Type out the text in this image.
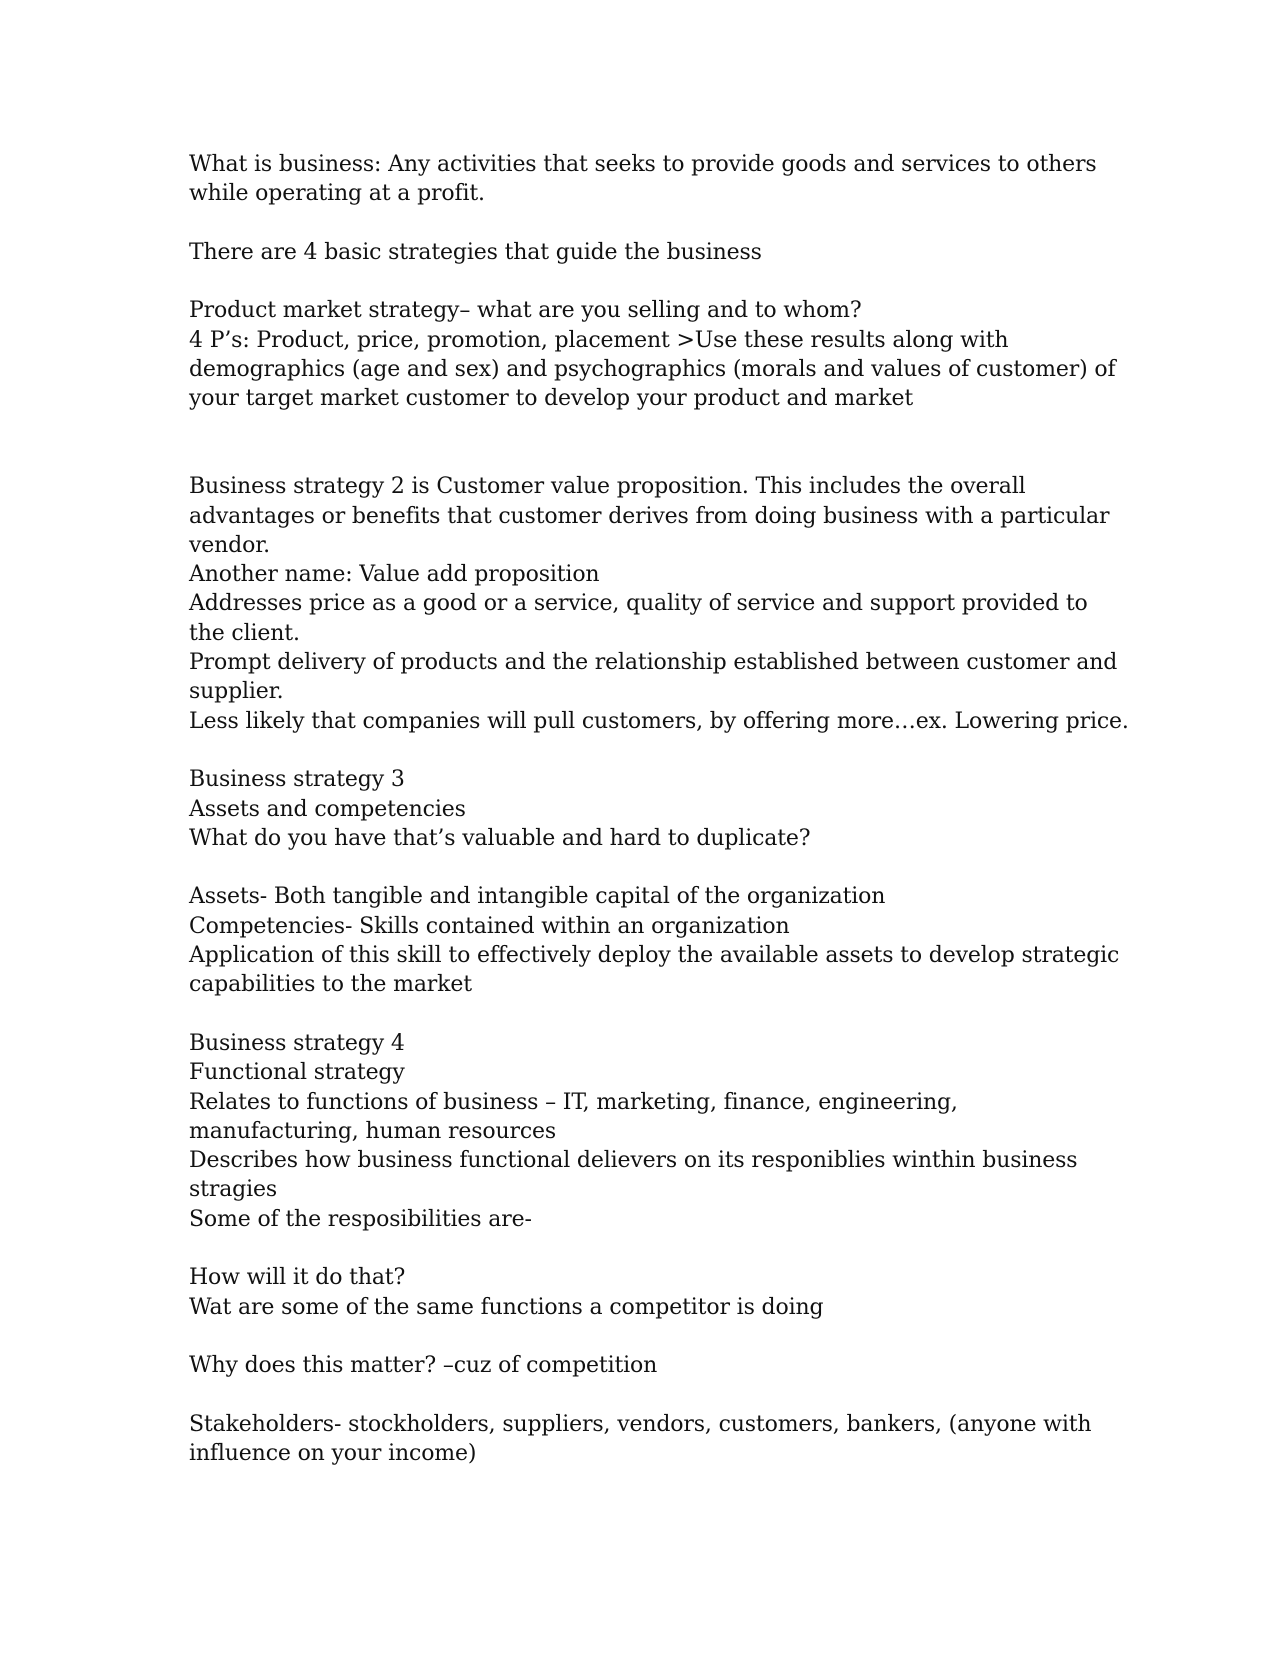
What is business: Any activities that seeks to provide goods and services to others
while operating at a profit.
There are 4 basic strategies that guide the business
Product market strategy– what are you selling and to whom?
4 P’s: Product, price, promotion, placement >Use these results along with
demographics (age and sex) and psychographics (morals and values of customer) of
your target market customer to develop your product and market
Business strategy 2 is Customer value proposition. This includes the overall
advantages or benefits that customer derives from doing business with a particular
vendor.
Another name: Value add proposition
Addresses price as a good or a service, quality of service and support provided to
the client.
Prompt delivery of products and the relationship established between customer and
supplier.
Less likely that companies will pull customers, by offering more…ex. Lowering price.
Business strategy 3
Assets and competencies
What do you have that’s valuable and hard to duplicate?
Assets- Both tangible and intangible capital of the organization
Competencies- Skills contained within an organization
Application of this skill to effectively deploy the available assets to develop strategic
capabilities to the market
Business strategy 4
Functional strategy
Relates to functions of business – IT, marketing, finance, engineering,
manufacturing, human resources
Describes how business functional delievers on its responiblies winthin business
stragies
Some of the resposibilities are-
How will it do that?
Wat are some of the same functions a competitor is doing
Why does this matter? –cuz of competition
Stakeholders- stockholders, suppliers, vendors, customers, bankers, (anyone with
influence on your income)
